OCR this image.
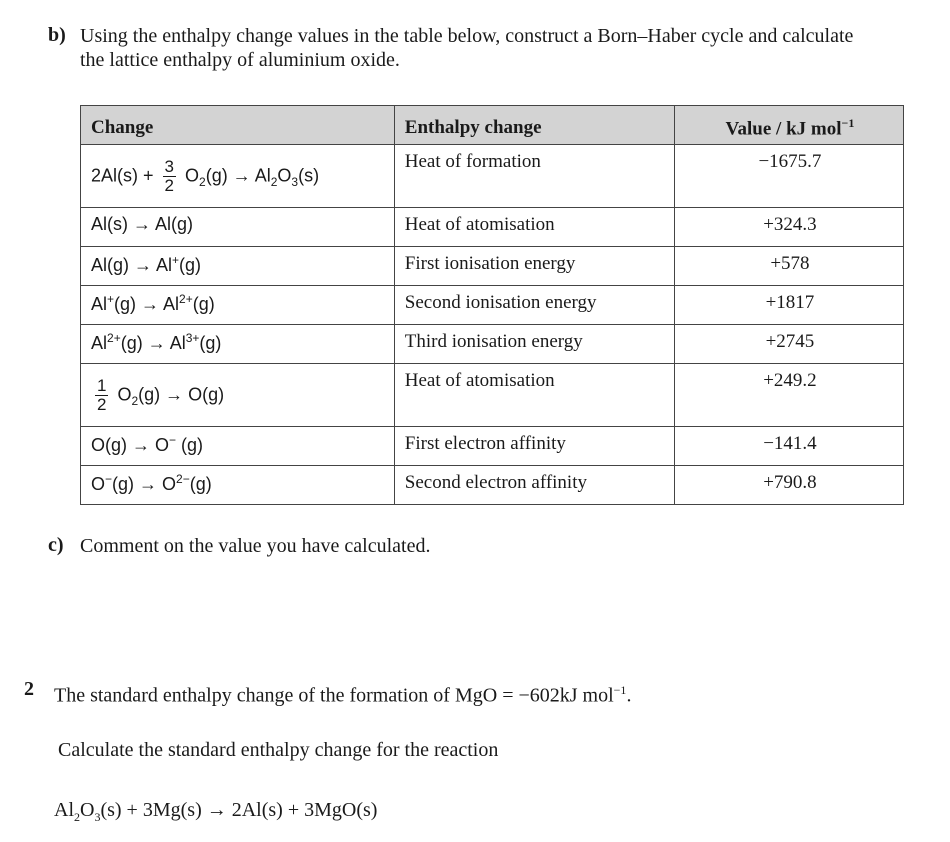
b) Using the enthalpy change values in the table below, construct a Born–Haber cycle and calculate
the lattice enthalpy of aluminium oxide.
Change	Enthalpy change	Value / kJ mol$^{-1}$
$2Al(s) + \frac{3}{2} O_2(g) \to Al_2O_3(s)$	Heat of formation	−1675.7
Al(s) → Al(g)	Heat of atomisation	+324.3
Al(g) → Al+(g)	First ionisation energy	+578
$Al^+(g) \to Al^{2+}(g)$	Second ionisation energy	+1817
$Al^{2+}(g) \to Al^{3+}(g)$	Third ionisation energy	+2745

$\frac{1}{2} O_2(g) \to O(g)$	Heat of atomisation	+249.2
O(g) → O− (g)	First electron affinity	−141.4
$O^-(g) \to O^{2-}(g)$	Second electron affinity	+790.8
c) Comment on the value you have calculated.
2 The standard enthalpy change of the formation of MgO = −602kJ mol$^{-1}$.
Calculate the standard enthalpy change for the reaction
$Al_2O_3(s) + 3Mg(s) \to 2Al(s) + 3MgO(s)$
